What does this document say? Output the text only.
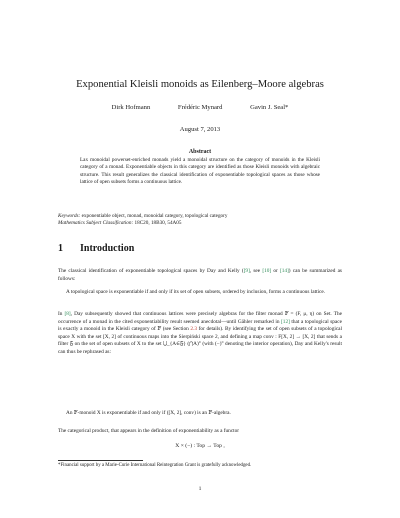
Exponential Kleisli monoids as Eilenberg–Moore algebras
Dirk Hofmann	Frédéric Mynard	Gavin J. Seal*
August 7, 2013
Abstract
Lax monoidal powerset-enriched monads yield a monoidal structure on the category of monoids in the Kleisli category of a monad. Exponentiable objects in this category are identified as those Kleisli monoids with algebraic structure. This result generalizes the classical identification of exponentiable topological spaces as those whose lattice of open subsets forms a continuous lattice.
Keywords: exponentiable object, monad, monoidal category, topological category
Mathematics Subject Classification: 18C20, 18B30, 54A05
1 Introduction
The classical identification of exponentiable topological spaces by Day and Kelly ([9], see [10] or [14]) can be summarized as follows:
A topological space is exponentiable if and only if its set of open subsets, ordered by inclusion, forms a continuous lattice.
In [8], Day subsequently showed that continuous lattices were precisely algebras for the filter monad 𝔽 = (F, μ, η) on Set. The occurrence of a monad in the cited exponentiability result seemed anecdotal—until Gähler remarked in [12] that a topological space is exactly a monoid in the Kleisli category of 𝔽 (see Section 2.3 for details). By identifying the set of open subsets of a topological space X with the set [X, 2] of continuous maps into the Sierpiński space 2, and defining a map conv : F[X, 2] → [X, 2] that sends a filter 𝔉 on the set of open subsets of X to the set ⋃_{A∈𝔉} (⋂A)° (with (−)° denoting the interior operation), Day and Kelly's result can thus be rephrased as:
An 𝔽-monoid X is exponentiable if and only if ([X, 2], conv) is an 𝔽-algebra.
The categorical product, that appears in the definition of exponentiability as a functor
X × (−) : Top → Top ,
*Financial support by a Marie-Curie International Reintegration Grant is gratefully acknowledged.
1
